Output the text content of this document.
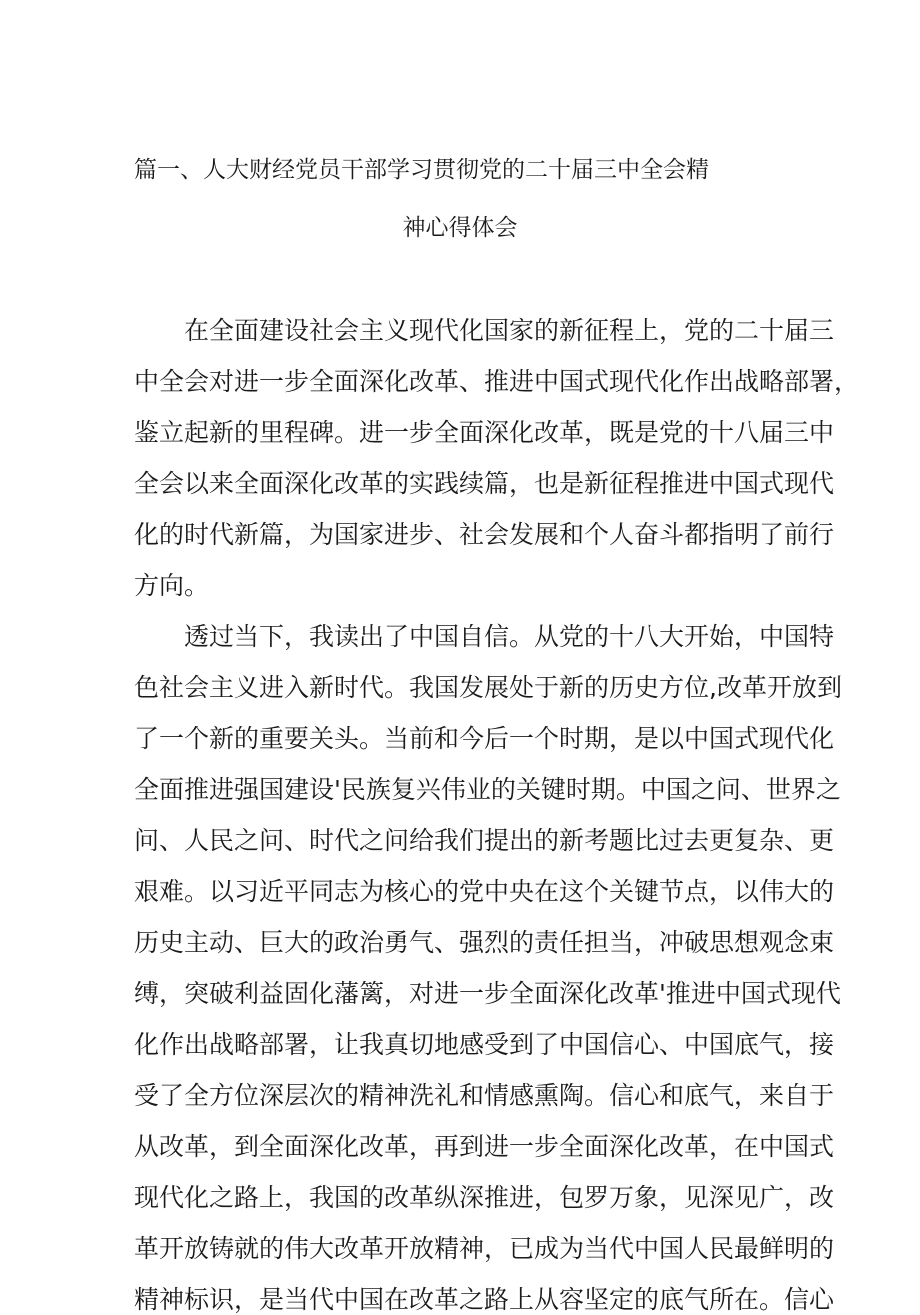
篇一、人大财经党员干部学习贯彻党的二十届三中全会精
神心得体会

在全面建设社会主义现代化国家的新征程上，党的二十届三

中全会对进一步全面深化改革、推进中国式现代化作出战略部署，

鉴立起新的里程碑。进一步全面深化改革，既是党的十八届三中

全会以来全面深化改革的实践续篇，也是新征程推进中国式现代

化的时代新篇，为国家进步、社会发展和个人奋斗都指明了前行

方向。

透过当下，我读出了中国自信。从党的十八大开始，中国特

色社会主义进入新时代。我国发展处于新的历史方位,改革开放到

了一个新的重要关头。当前和今后一个时期，是以中国式现代化

全面推进强国建设'民族复兴伟业的关键时期。中国之问、世界之

问、人民之问、时代之问给我们提出的新考题比过去更复杂、更

艰难。以习近平同志为核心的党中央在这个关键节点，以伟大的

历史主动、巨大的政治勇气、强烈的责任担当，冲破思想观念束

缚，突破利益固化藩篱，对进一步全面深化改革'推进中国式现代

化作出战略部署，让我真切地感受到了中国信心、中国底气，接

受了全方位深层次的精神洗礼和情感熏陶。信心和底气，来自于

从改革，到全面深化改革，再到进一步全面深化改革，在中国式

现代化之路上，我国的改革纵深推进，包罗万象，见深见广，改

革开放铸就的伟大改革开放精神，已成为当代中国人民最鲜明的

精神标识，是当代中国在改革之路上从容坚定的底气所在。信心
